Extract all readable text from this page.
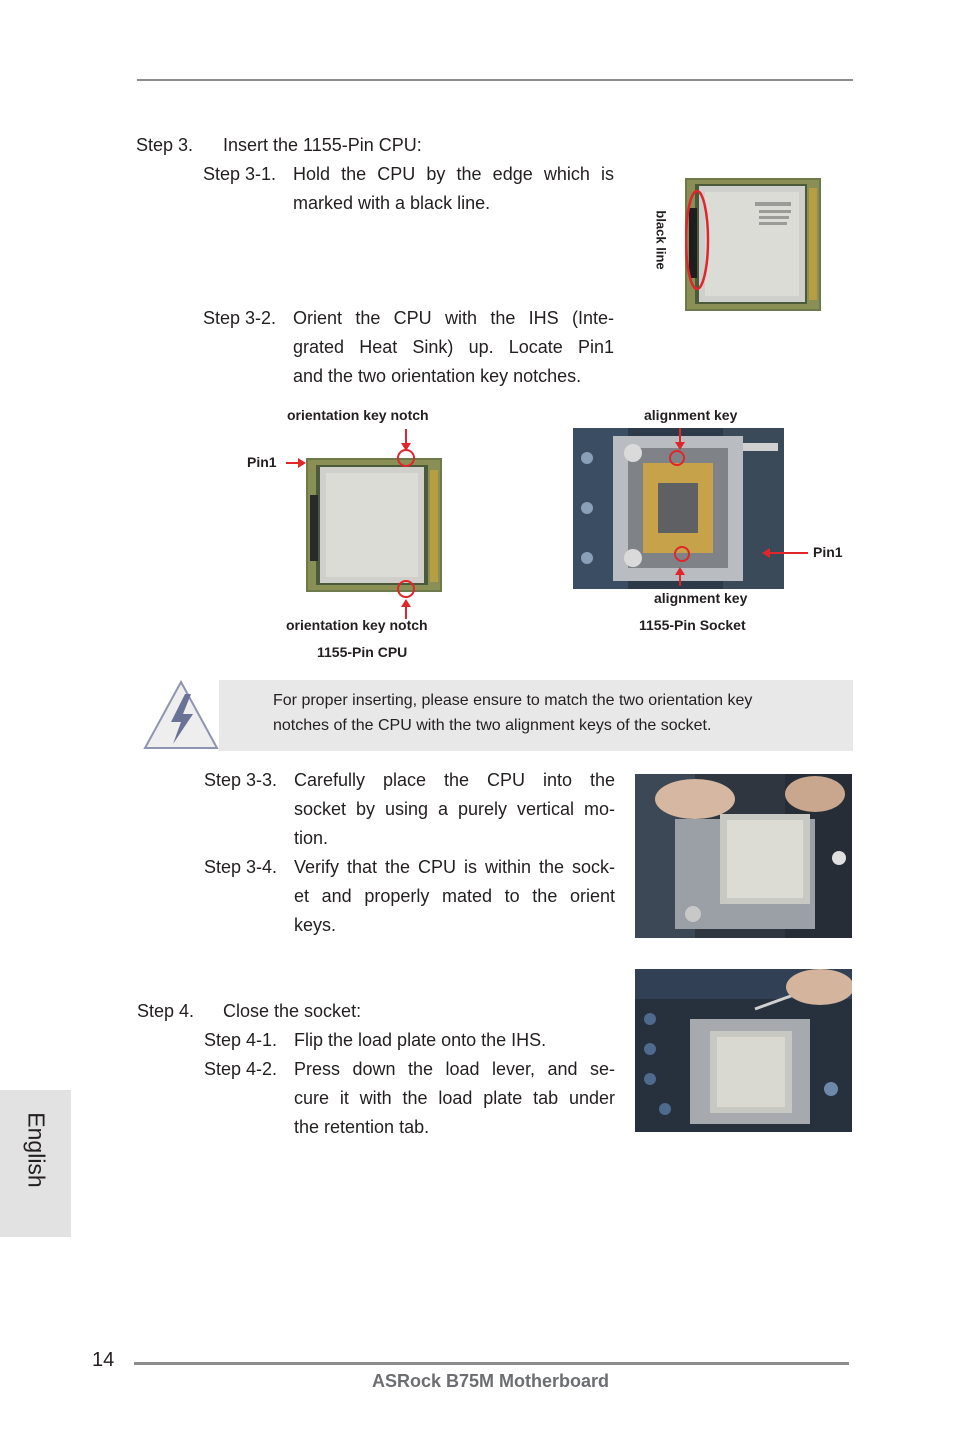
Step 3. Insert the 1155-Pin CPU:
Step 3-1. Hold the CPU by the edge which is
marked with a black line.
black line
Step 3-2. Orient the CPU with the IHS (Inte-
grated Heat Sink) up. Locate Pin1
and the two orientation key notches.
orientation key notch
Pin1
orientation key notch
1155-Pin CPU
alignment key
Pin1
alignment key
1155-Pin Socket
For proper inserting, please ensure to match the two orientation key
notches of the CPU with the two alignment keys of the socket.
Step 3-3. Carefully place the CPU into the
socket by using a purely vertical mo-
tion.
Step 3-4. Verify that the CPU is within the sock-
et and properly mated to the orient
keys.
Step 4. Close the socket:
Step 4-1. Flip the load plate onto the IHS.
Step 4-2. Press down the load lever, and se-
cure it with the load plate tab under
the retention tab.
English
14
ASRock B75M Motherboard
